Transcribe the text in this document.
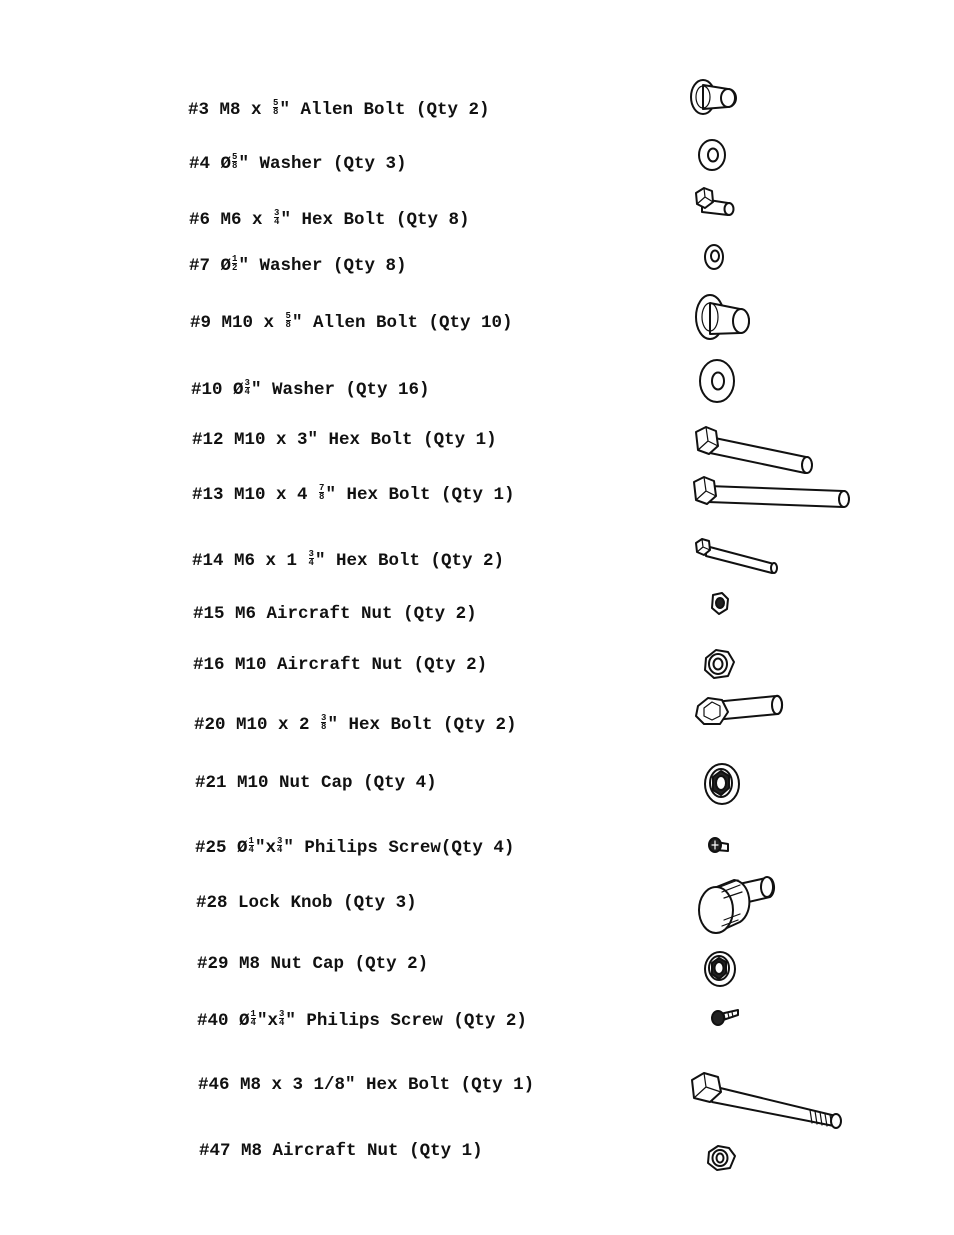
#3 M8 x $\frac{5}{8}$ " Allen Bolt (Qty 2)

#4 Ø $\frac{5}{8}$ " Washer (Qty 3)

#6 M6 x $\frac{3}{4}$ " Hex Bolt (Qty 8)

#7 Ø $\frac{1}{2}$ " Washer (Qty 8)

#9 M10 x $\frac{5}{8}$ " Allen Bolt (Qty 10)

#10 Ø $\frac{3}{4}$ " Washer (Qty 16)

#12 M10 x 3" Hex Bolt (Qty 1)

#13 M10 x $4 \frac{7}{8}$ " Hex Bolt (Qty 1)

#14 M6 x $1 \frac{3}{4}$ " Hex Bolt (Qty 2)

#15 M6 Aircraft Nut (Qty 2)

#16 M10 Aircraft Nut (Qty 2)

#20 M10 x $2 \frac{3}{8}$ " Hex Bolt (Qty 2)

#21 M10 Nut Cap (Qty 4)

#25 Ø $\frac{1}{4}$ "$x \frac{3}{4}$ " Philips Screw(Qty 4)

#28 Lock Knob (Qty 3)

#29 M8 Nut Cap (Qty 2)

#40 Ø $\frac{1}{4}$ "$x \frac{3}{4}$ " Philips Screw (Qty 2)

#46 M8 x 3 1/8" Hex Bolt (Qty 1)

#47 M8 Aircraft Nut (Qty 1)
